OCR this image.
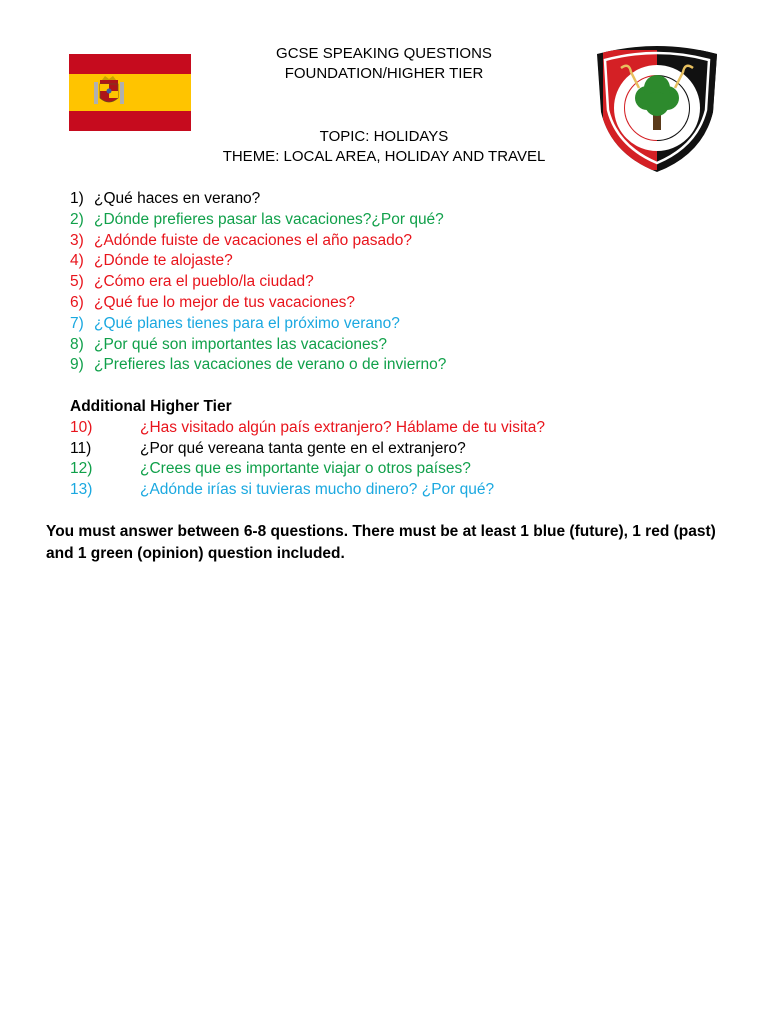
GCSE SPEAKING QUESTIONS
FOUNDATION/HIGHER TIER
TOPIC: HOLIDAYS
THEME: LOCAL AREA, HOLIDAY AND TRAVEL
1) ¿Qué haces en verano?
2) ¿Dónde prefieres pasar las vacaciones?¿Por qué?
3) ¿Adónde fuiste de vacaciones el año pasado?
4) ¿Dónde te alojaste?
5) ¿Cómo era el pueblo/la ciudad?
6) ¿Qué fue lo mejor de tus vacaciones?
7) ¿Qué planes tienes para el próximo verano?
8) ¿Por qué son importantes las vacaciones?
9) ¿Prefieres las vacaciones de verano o de invierno?
Additional Higher Tier
10)	¿Has visitado algún país extranjero? Háblame de tu visita?
11)	¿Por qué vereana tanta gente en el extranjero?
12)	¿Crees que es importante viajar o otros países?
13)	¿Adónde irías si tuvieras mucho dinero? ¿Por qué?
You must answer between 6-8 questions. There must be at least 1 blue (future), 1 red (past) and 1 green (opinion) question included.
